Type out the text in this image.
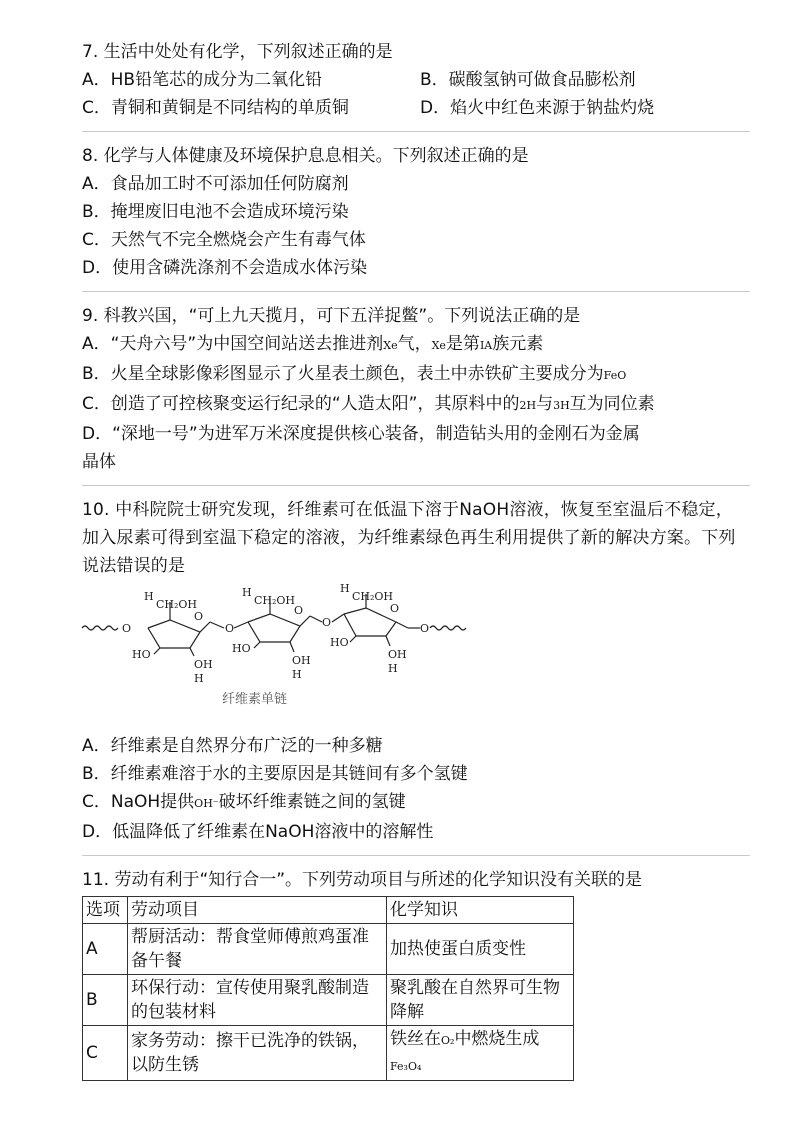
7. 生活中处处有化学，下列叙述正确的是
A．HB铅笔芯的成分为二氧化铅	B．碳酸氢钠可做食品膨松剂
C．青铜和黄铜是不同结构的单质铜	D．焰火中红色来源于钠盐灼烧
8. 化学与人体健康及环境保护息息相关。下列叙述正确的是
A．食品加工时不可添加任何防腐剂
B．掩埋废旧电池不会造成环境污染
C．天然气不完全燃烧会产生有毒气体
D．使用含磷洗涤剂不会造成水体污染
9. 科教兴国，“可上九天揽月，可下五洋捉鳖”。下列说法正确的是
A．“天舟六号”为中国空间站送去推进剂Xe气，Xe是第IA族元素
B．火星全球影像彩图显示了火星表土颜色，表土中赤铁矿主要成分为FeO
C．创造了可控核聚变运行纪录的“人造太阳”，其原料中的2H与3H互为同位素
D．“深地一号”为进军万米深度提供核心装备，制造钻头用的金刚石为金属
晶体
10. 中科院院士研究发现，纤维素可在低温下溶于NaOH溶液，恢复至室温后不稳定，加入尿素可得到室温下稳定的溶液，为纤维素绿色再生利用提供了新的解决方案。下列说法错误的是
O
H
CH₂OH
O
HO
OH
H
O
H
CH₂OH
O
HO
OH
H
O
H
CH₂OH
O
HO
OH
H
O
纤维素单链
A．纤维素是自然界分布广泛的一种多糖
B．纤维素难溶于水的主要原因是其链间有多个氢键
C．NaOH提供OH⁻破坏纤维素链之间的氢键
D．低温降低了纤维素在NaOH溶液中的溶解性
11. 劳动有利于“知行合一”。下列劳动项目与所述的化学知识没有关联的是
选项	劳动项目	化学知识
A	帮厨活动：帮食堂师傅煎鸡蛋准备午餐	加热使蛋白质变性
B	环保行动：宣传使用聚乳酸制造的包装材料	聚乳酸在自然界可生物降解
C	家务劳动：擦干已洗净的铁锅，以防生锈	铁丝在O₂中燃烧生成
Fe₃O₄
